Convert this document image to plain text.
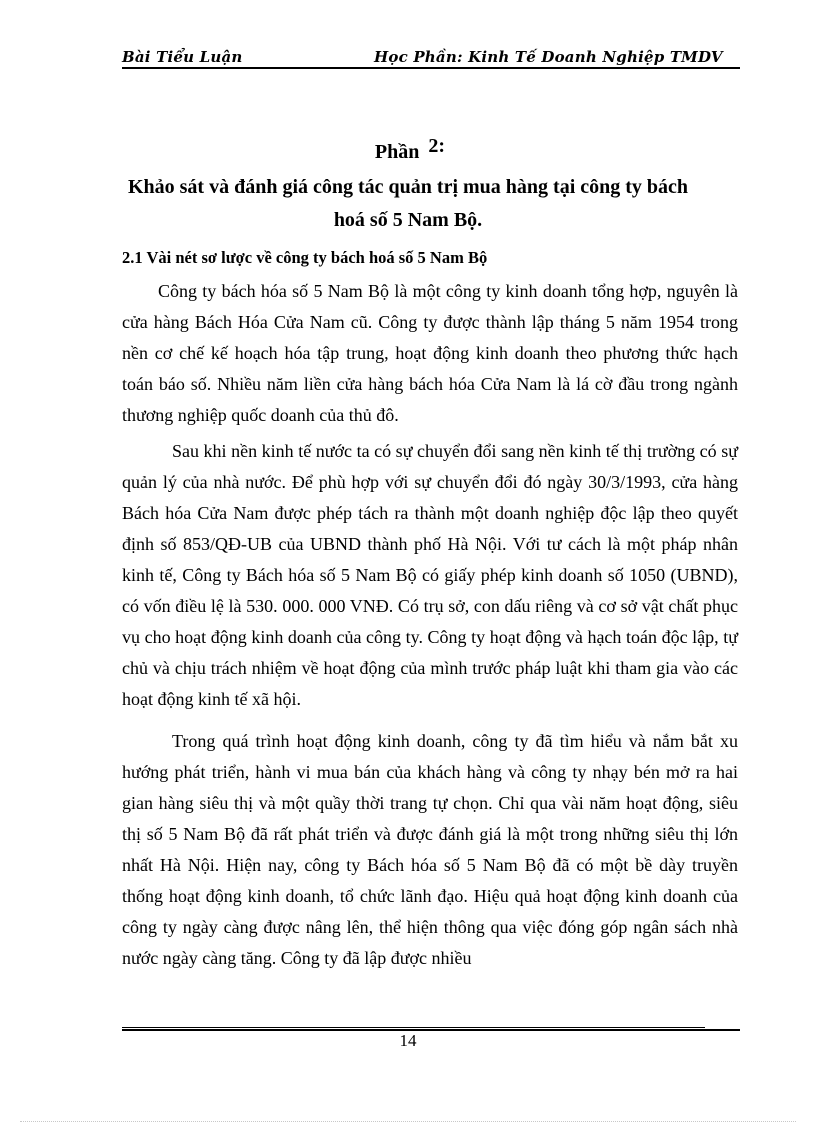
Bài Tiểu Luận	Học Phần: Kinh Tế Doanh Nghiệp TMDV
Phần 2:
Khảo sát và đánh giá công tác quản trị mua hàng tại công ty bách
hoá số 5 Nam Bộ.
2.1 Vài nét sơ lược về công ty bách hoá số 5 Nam Bộ

Công ty bách hóa số 5 Nam Bộ là một công ty kinh doanh tổng hợp, nguyên là cửa hàng Bách Hóa Cửa Nam cũ. Công ty được thành lập tháng 5 năm 1954 trong nền cơ chế kế hoạch hóa tập trung, hoạt động kinh doanh theo phương thức hạch toán báo số. Nhiều năm liền cửa hàng bách hóa Cửa Nam là lá cờ đầu trong ngành thương nghiệp quốc doanh của thủ đô.

Sau khi nền kinh tế nước ta có sự chuyển đổi sang nền kinh tế thị trường có sự quản lý của nhà nước. Để phù hợp với sự chuyển đổi đó ngày 30/3/1993, cửa hàng Bách hóa Cửa Nam được phép tách ra thành một doanh nghiệp độc lập theo quyết định số 853/QĐ-UB của UBND thành phố Hà Nội. Với tư cách là một pháp nhân kinh tế, Công ty Bách hóa số 5 Nam Bộ có giấy phép kinh doanh số 1050 (UBND), có vốn điều lệ là 530. 000. 000 VNĐ. Có trụ sở, con dấu riêng và cơ sở vật chất phục vụ cho hoạt động kinh doanh của công ty. Công ty hoạt động và hạch toán độc lập, tự chủ và chịu trách nhiệm về hoạt động của mình trước pháp luật khi tham gia vào các hoạt động kinh tế xã hội.

Trong quá trình hoạt động kinh doanh, công ty đã tìm hiểu và nắm bắt xu hướng phát triển, hành vi mua bán của khách hàng và công ty nhạy bén mở ra hai gian hàng siêu thị và một quầy thời trang tự chọn. Chỉ qua vài năm hoạt động, siêu thị số 5 Nam Bộ đã rất phát triển và được đánh giá là một trong những siêu thị lớn nhất Hà Nội. Hiện nay, công ty Bách hóa số 5 Nam Bộ đã có một bề dày truyền thống hoạt động kinh doanh, tổ chức lãnh đạo. Hiệu quả hoạt động kinh doanh của công ty ngày càng được nâng lên, thể hiện thông qua việc đóng góp ngân sách nhà nước ngày càng tăng. Công ty đã lập được nhiều

14
